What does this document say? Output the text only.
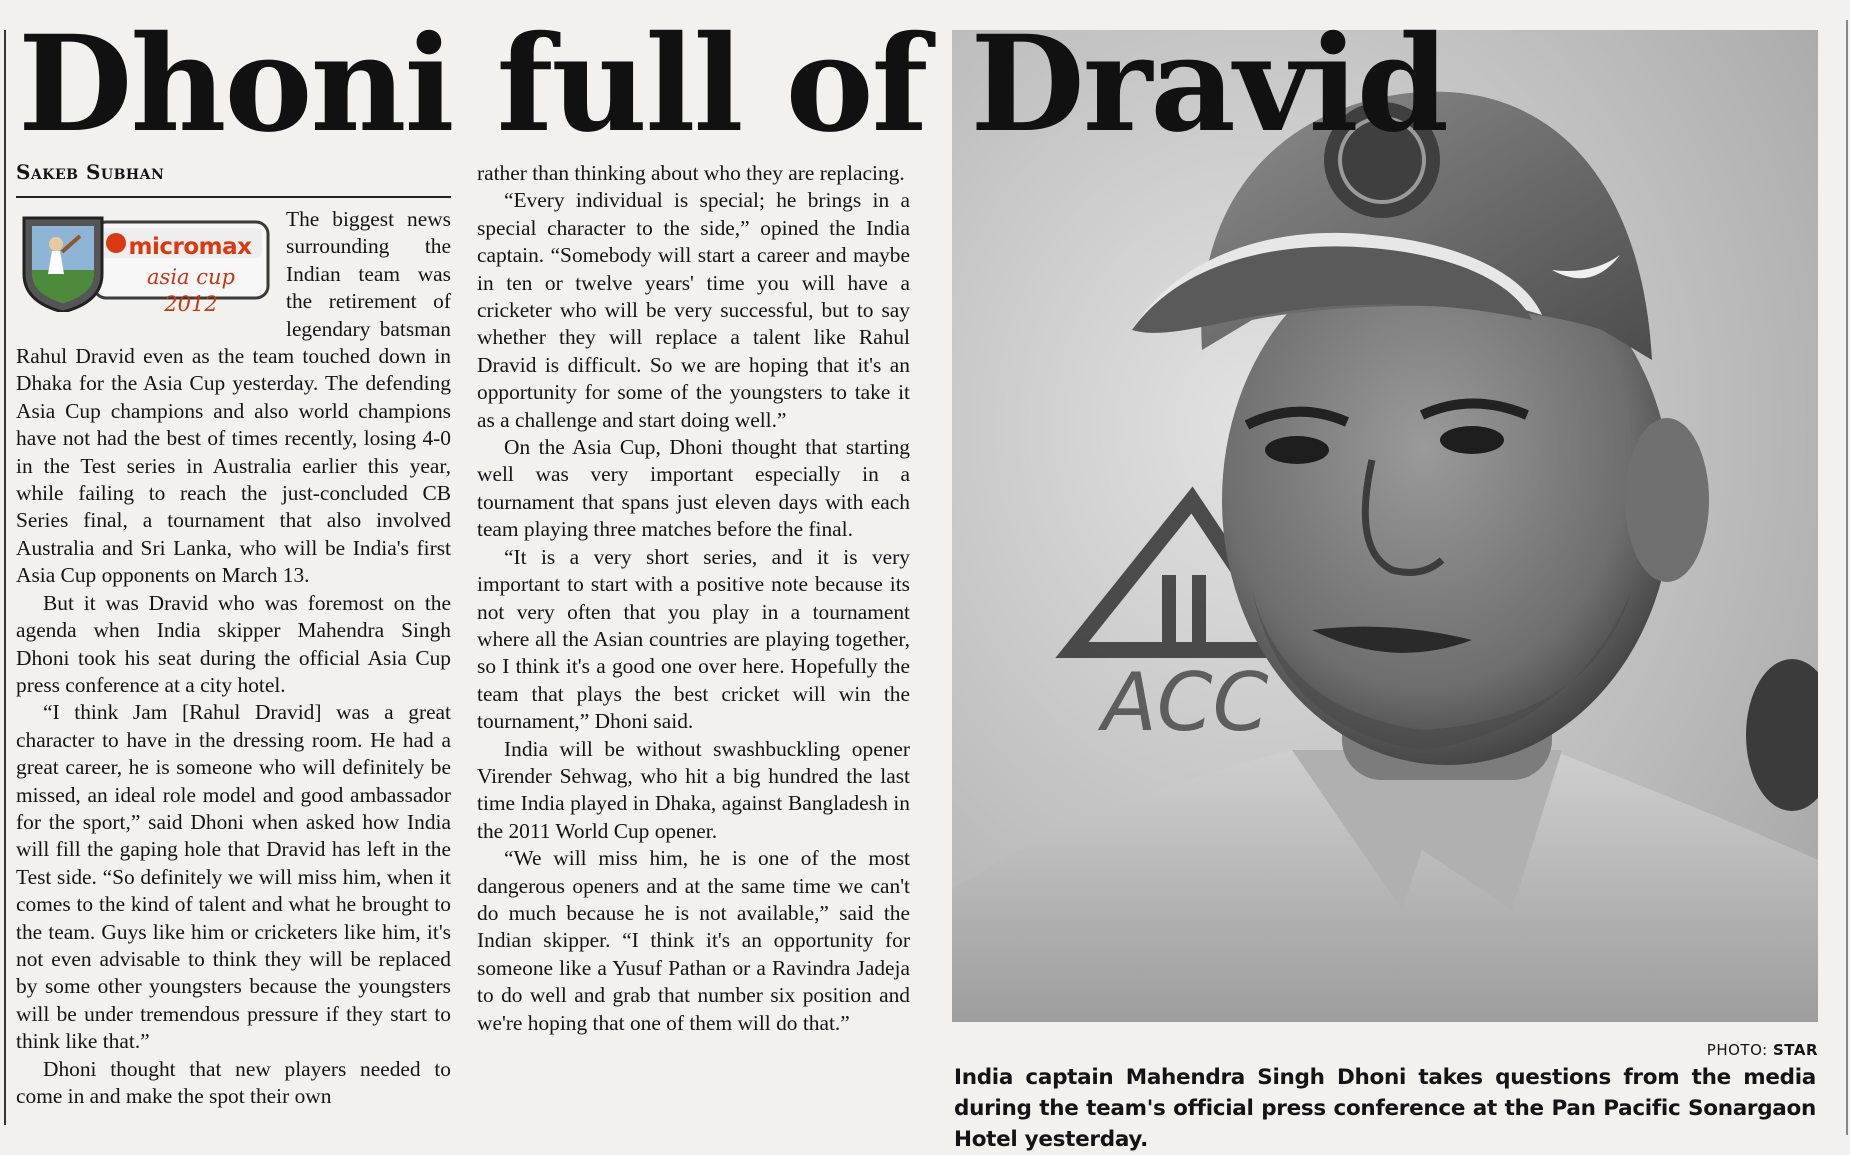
ACC
Dhoni full of Dravid
Sakeb Subhan
micromax
asia cup 2012

The biggest news surrounding the Indian team was the retirement of legendary batsman Rahul Dravid even as the team touched down in Dhaka for the Asia Cup yesterday. The defending Asia Cup champions and also world champions have not had the best of times recently, losing 4-0 in the Test series in Australia earlier this year, while failing to reach the just-concluded CB Series final, a tournament that also involved Australia and Sri Lanka, who will be India's first Asia Cup opponents on March 13.

But it was Dravid who was foremost on the agenda when India skipper Mahendra Singh Dhoni took his seat during the official Asia Cup press conference at a city hotel.

“I think Jam [Rahul Dravid] was a great character to have in the dressing room. He had a great career, he is someone who will definitely be missed, an ideal role model and good ambassador for the sport,” said Dhoni when asked how India will fill the gaping hole that Dravid has left in the Test side. “So definitely we will miss him, when it comes to the kind of talent and what he brought to the team. Guys like him or cricketers like him, it's not even advisable to think they will be replaced by some other youngsters because the youngsters will be under tremendous pressure if they start to think like that.”

Dhoni thought that new players needed to come in and make the spot their own

rather than thinking about who they are replacing.

“Every individual is special; he brings in a special character to the side,” opined the India captain. “Somebody will start a career and maybe in ten or twelve years' time you will have a cricketer who will be very successful, but to say whether they will replace a talent like Rahul Dravid is difficult. So we are hoping that it's an opportunity for some of the youngsters to take it as a challenge and start doing well.”

On the Asia Cup, Dhoni thought that starting well was very important especially in a tournament that spans just eleven days with each team playing three matches before the final.

“It is a very short series, and it is very important to start with a positive note because its not very often that you play in a tournament where all the Asian countries are playing together, so I think it's a good one over here. Hopefully the team that plays the best cricket will win the tournament,” Dhoni said.

India will be without swashbuckling opener Virender Sehwag, who hit a big hundred the last time India played in Dhaka, against Bangladesh in the 2011 World Cup opener.

“We will miss him, he is one of the most dangerous openers and at the same time we can't do much because he is not available,” said the Indian skipper. “I think it's an opportunity for someone like a Yusuf Pathan or a Ravindra Jadeja to do well and grab that number six position and we're hoping that one of them will do that.”

PHOTO: STAR
India captain Mahendra Singh Dhoni takes questions from the media during the team's official press conference at the Pan Pacific Sonargaon Hotel yesterday.
